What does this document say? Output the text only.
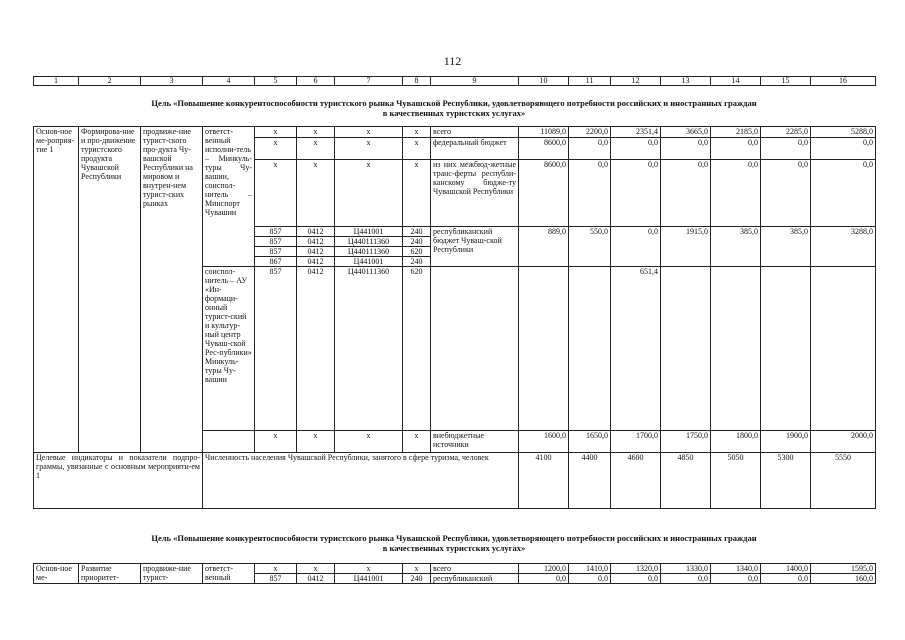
112
1	2	3	4	5	6	7	8	9	10	11	12	13	14	15	16
Цель «Повышение конкурентоспособности туристского рынка Чувашской Республики, удовлетворяющего потребности российских и иностранных граждан
в качественных туристских услугах»
Основ-ное ме-роприя-тие 1	Формирова-ние и про-движение туристского продукта Чувашской Республики	продвиже-ние турист-ского про-дукта Чу-вашской Республики на мировом и внутрен-нем турист-ских рынках	ответст-венный исполни-тель – Минкуль-туры Чу-вашии, соиспол-нитель – Минспорт Чувашии	x	x	x	x	всего	11089,0	2200,0	2351,4	3665,0	2185,0	2285,0	5288,0
				x	x	x	x	федеральный бюджет	8600,0	0,0	0,0	0,0	0,0	0,0	0,0
				x	x	x	x	из них межбюд-жетные транс-ферты республи-канскому бюдже-ту Чувашской Республики	8600,0	0,0	0,0	0,0	0,0	0,0	0,0
				857	0412	Ц441001	240	республиканский бюджет Чуваш-ской Республики	889,0	550,0	0,0	1915,0	385,0	385,0	3288,0
				857	0412	Ц440111360	240								
				857	0412	Ц440111360	620								
				867	0412	Ц441001	240								
			соиспол-нитель – АУ «Ин-формаци-онный турист-ский и культур-ный центр Чуваш-ской Рес-публики» Минкуль-туры Чу-вашии	857	0412	Ц440111360	620				651,4				
				x	x	x	x	внебюджетные источники	1600,0	1650,0	1700,0	1750,0	1800,0	1900,0	2000,0
Целевые индикаторы и показатели подпро-граммы, увязанные с основным мероприяти-ем 1			Численность населения Чувашской Республики, занятого в сфере туризма, человек						4100	4400	4600	4850	5050	5300	5550
Цель «Повышение конкурентоспособности туристского рынка Чувашской Республики, удовлетворяющего потребности российских и иностранных граждан
в качественных туристских услугах»
Основ-ное ме-	Развитие приоритет-	продвиже-ние турист-	ответст-венный	x	x	x	x	всего	1200,0	1410,0	1320,0	1330,0	1340,0	1400,0	1595,0
				857	0412	Ц441001	240	республиканский	0,0	0,0	0,0	0,0	0,0	0,0	160,0
